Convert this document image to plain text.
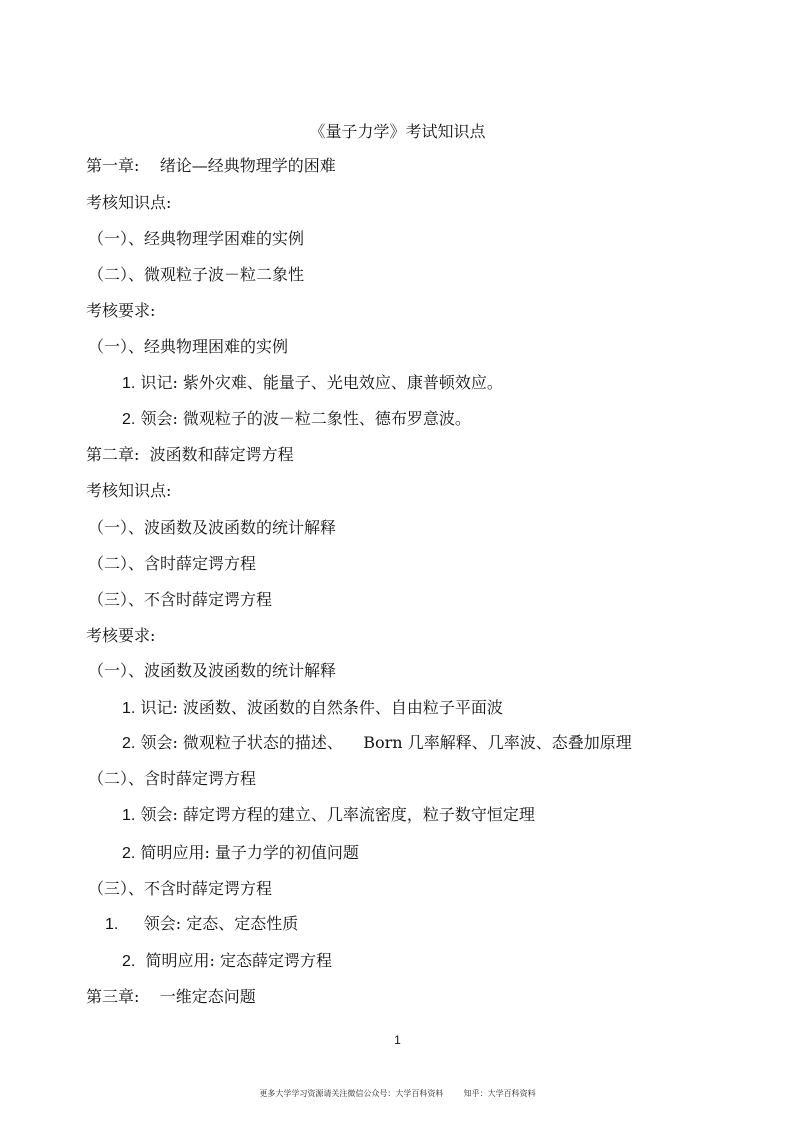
《量子力学》考试知识点
第一章:    绪论—经典物理学的困难
考核知识点:
（一）、经典物理学困难的实例
（二）、微观粒子波－粒二象性
考核要求:
（一）、经典物理困难的实例
1. 识记: 紫外灾难、能量子、光电效应、康普顿效应。
2. 领会: 微观粒子的波－粒二象性、德布罗意波。
第二章:  波函数和薛定谔方程
考核知识点:
（一）、波函数及波函数的统计解释
（二）、含时薛定谔方程
（三）、不含时薛定谔方程
考核要求:
（一）、波函数及波函数的统计解释
1. 识记: 波函数、波函数的自然条件、自由粒子平面波
2. 领会: 微观粒子状态的描述、    Born 几率解释、几率波、态叠加原理
（二）、含时薛定谔方程
1. 领会: 薛定谔方程的建立、几率流密度，粒子数守恒定理
2. 简明应用: 量子力学的初值问题
（三）、不含时薛定谔方程
1.     领会: 定态、定态性质
2.  简明应用: 定态薛定谔方程
第三章:    一维定态问题
1
更多大学学习资源请关注微信公众号：大学百科资料        知乎：大学百科资料
